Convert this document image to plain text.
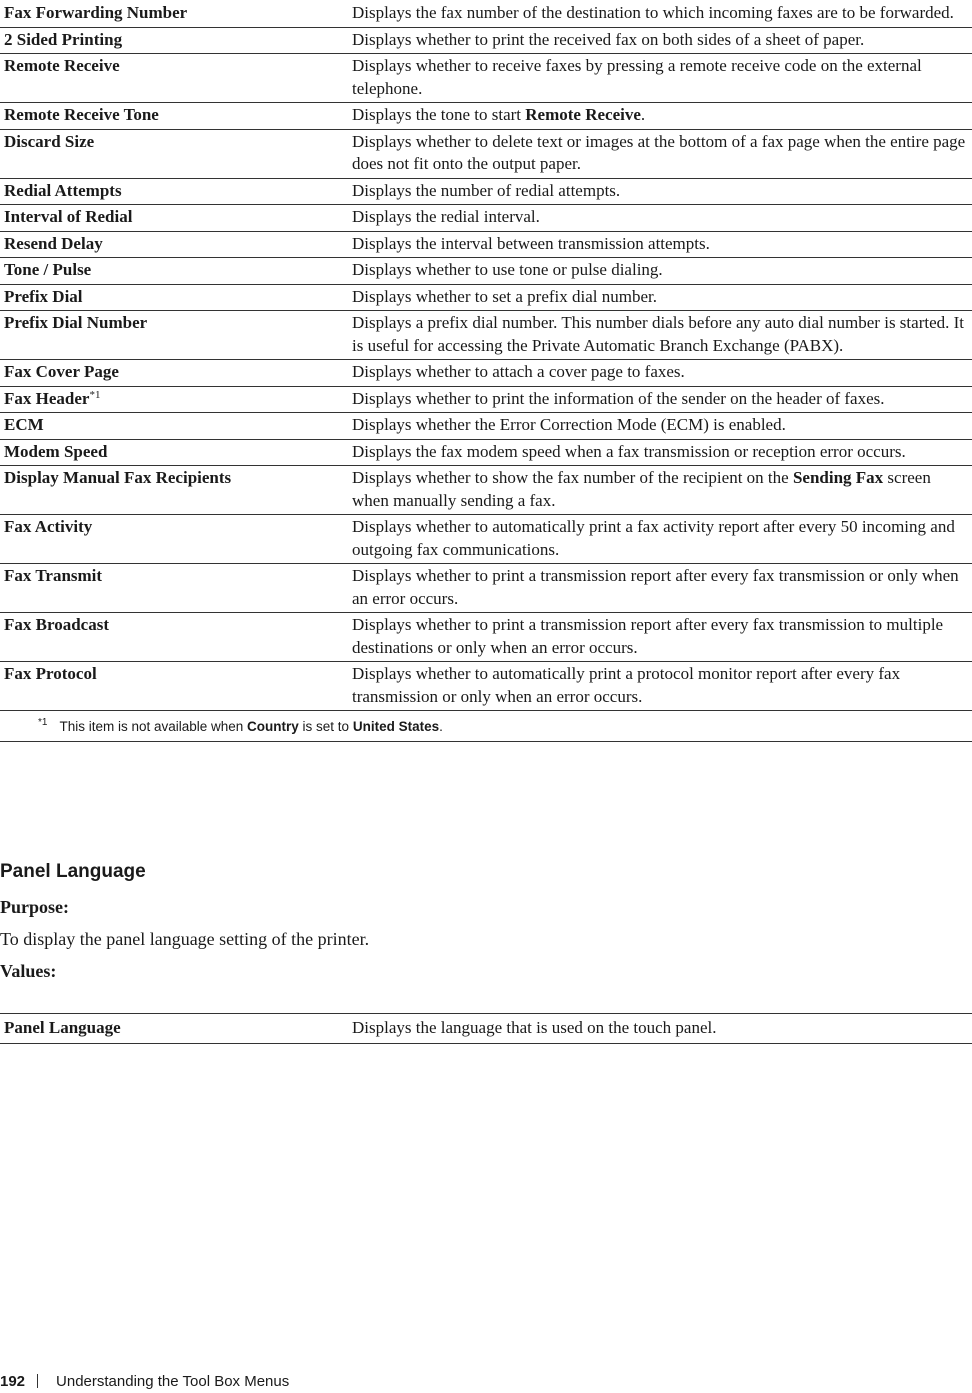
Fax Forwarding Number	Displays the fax number of the destination to which incoming faxes are to be forwarded.
2 Sided Printing	Displays whether to print the received fax on both sides of a sheet of paper.
Remote Receive	Displays whether to receive faxes by pressing a remote receive code on the external telephone.
Remote Receive Tone	Displays the tone to start Remote Receive.
Discard Size	Displays whether to delete text or images at the bottom of a fax page when the entire page does not fit onto the output paper.
Redial Attempts	Displays the number of redial attempts.
Interval of Redial	Displays the redial interval.
Resend Delay	Displays the interval between transmission attempts.
Tone / Pulse	Displays whether to use tone or pulse dialing.
Prefix Dial	Displays whether to set a prefix dial number.
Prefix Dial Number	Displays a prefix dial number. This number dials before any auto dial number is started. It is useful for accessing the Private Automatic Branch Exchange (PABX).
Fax Cover Page	Displays whether to attach a cover page to faxes.
Fax Header$^{*1}$	Displays whether to print the information of the sender on the header of faxes.
ECM	Displays whether the Error Correction Mode (ECM) is enabled.
Modem Speed	Displays the fax modem speed when a fax transmission or reception error occurs.
Display Manual Fax Recipients	Displays whether to show the fax number of the recipient on the Sending Fax screen when manually sending a fax.
Fax Activity	Displays whether to automatically print a fax activity report after every 50 incoming and outgoing fax communications.
Fax Transmit	Displays whether to print a transmission report after every fax transmission or only when an error occurs.
Fax Broadcast	Displays whether to print a transmission report after every fax transmission to multiple destinations or only when an error occurs.
Fax Protocol	Displays whether to automatically print a protocol monitor report after every fax transmission or only when an error occurs.
$^{*1}$ This item is not available when Country is set to United States.	
Panel Language

Purpose:

To display the panel language setting of the printer.

Values:

Panel Language	Displays the language that is used on the touch panel.
192 Understanding the Tool Box Menus
